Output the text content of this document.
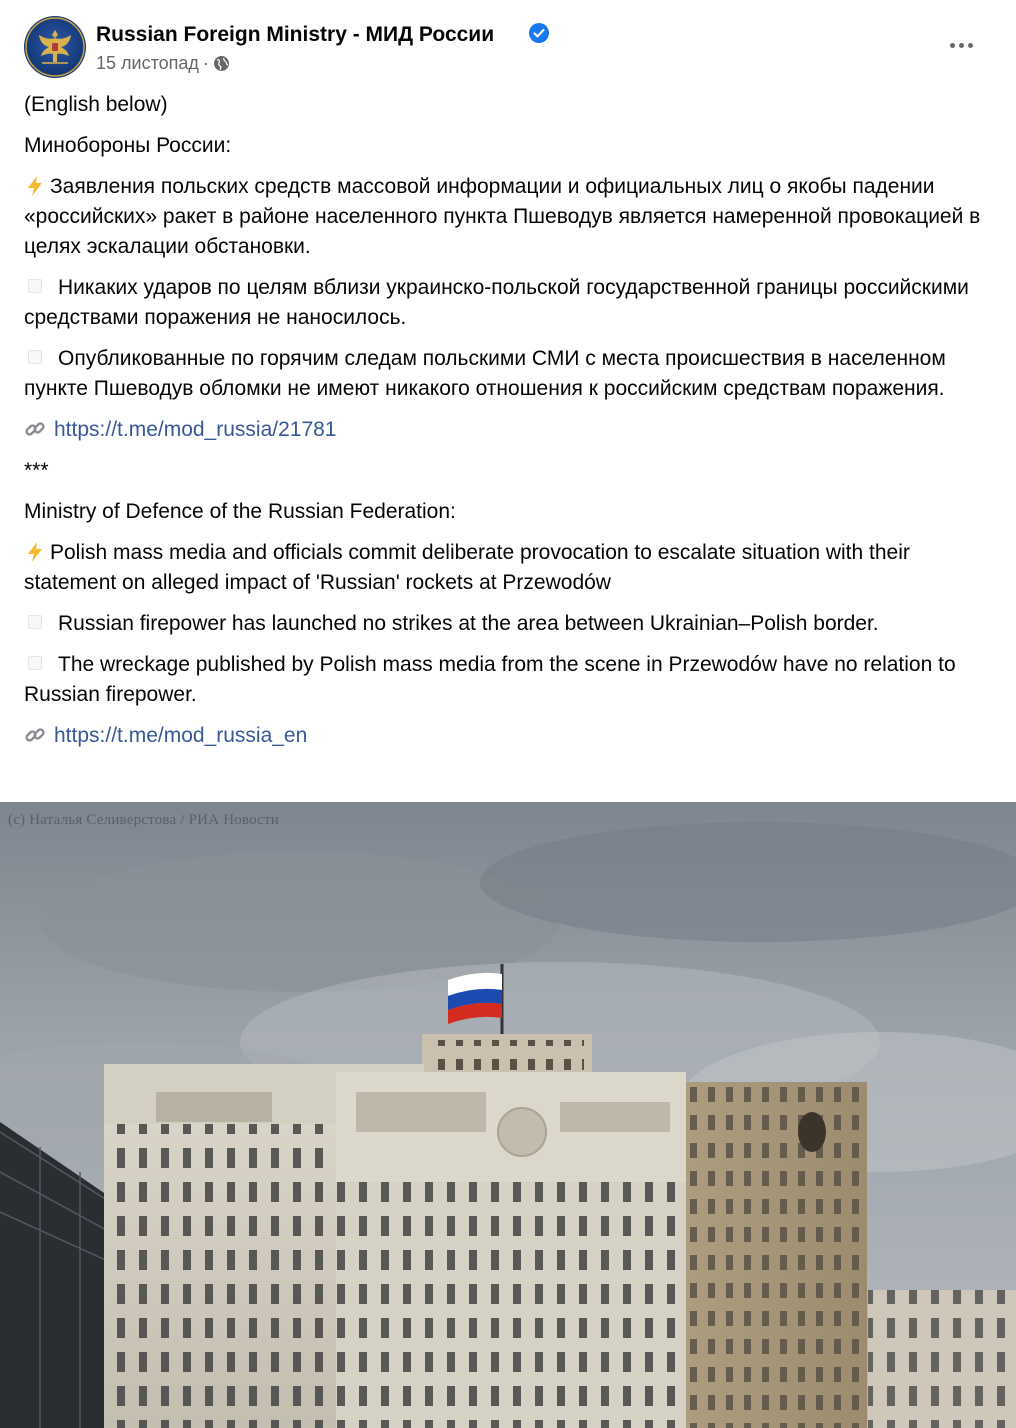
Russian Foreign Ministry - МИД России
15 листопад ·

(English below)

Минобороны России:

Заявления польских средств массовой информации и официальных лиц о якобы падении «российских» ракет в районе населенного пункта Пшеводув является намеренной провокацией в целях эскалации обстановки.

Никаких ударов по целям вблизи украинско-польской государственной границы российскими средствами поражения не наносилось.

Опубликованные по горячим следам польскими СМИ с места происшествия в населенном пункте Пшеводув обломки не имеют никакого отношения к российским средствам поражения.

https://t.me/mod_russia/21781

***

Ministry of Defence of the Russian Federation:

Polish mass media and officials commit deliberate provocation to escalate situation with their statement on alleged impact of 'Russian' rockets at Przewodów

Russian firepower has launched no strikes at the area between Ukrainian–Polish border.

The wreckage published by Polish mass media from the scene in Przewodów have no relation to Russian firepower.

https://t.me/mod_russia_en

(c) Наталья Селиверстова / РИА Новости
